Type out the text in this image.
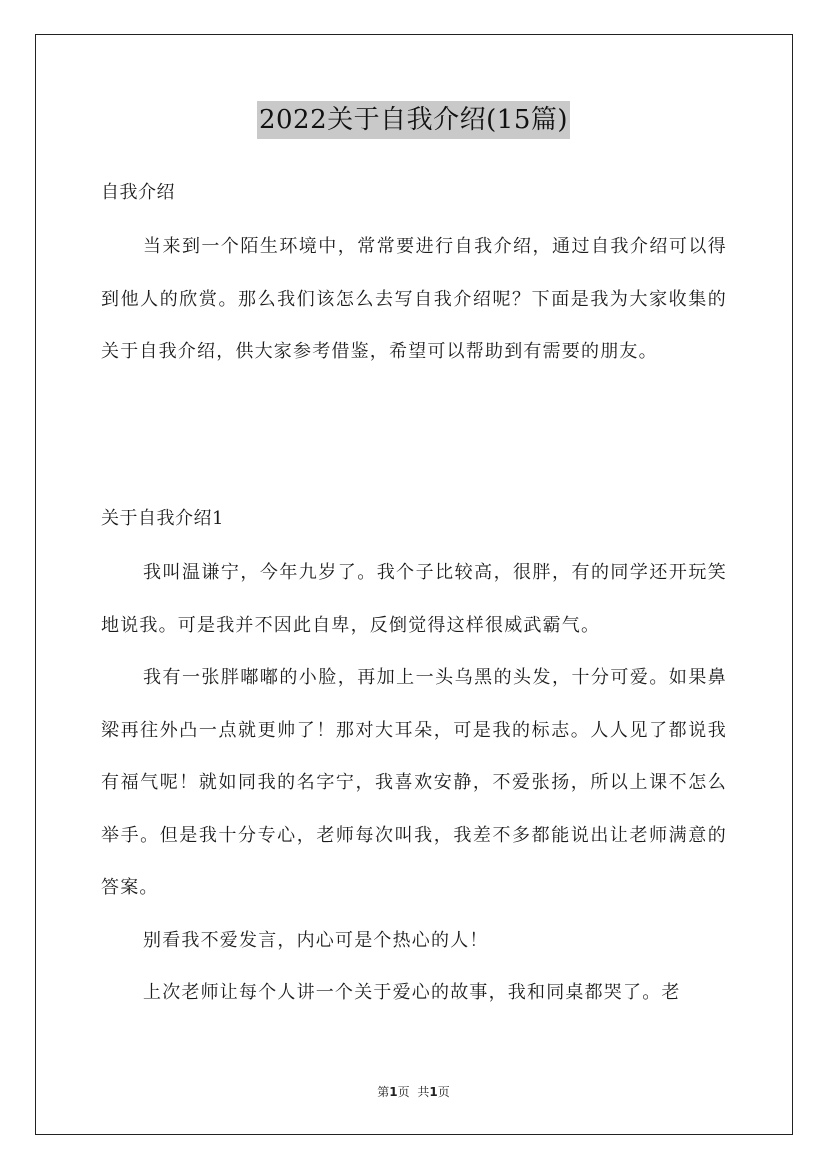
2022关于自我介绍(15篇)
自我介绍

当来到一个陌生环境中，常常要进行自我介绍，通过自我介绍可以得到他人的欣赏。那么我们该怎么去写自我介绍呢？下面是我为大家收集的关于自我介绍，供大家参考借鉴，希望可以帮助到有需要的朋友。

关于自我介绍1

我叫温谦宁，今年九岁了。我个子比较高，很胖，有的同学还开玩笑地说我。可是我并不因此自卑，反倒觉得这样很威武霸气。

我有一张胖嘟嘟的小脸，再加上一头乌黑的头发，十分可爱。如果鼻梁再往外凸一点就更帅了！那对大耳朵，可是我的标志。人人见了都说我有福气呢！就如同我的名字宁，我喜欢安静，不爱张扬，所以上课不怎么举手。但是我十分专心，老师每次叫我，我差不多都能说出让老师满意的答案。

别看我不爱发言，内心可是个热心的人！

上次老师让每个人讲一个关于爱心的故事，我和同桌都哭了。老

第1页 共1页
